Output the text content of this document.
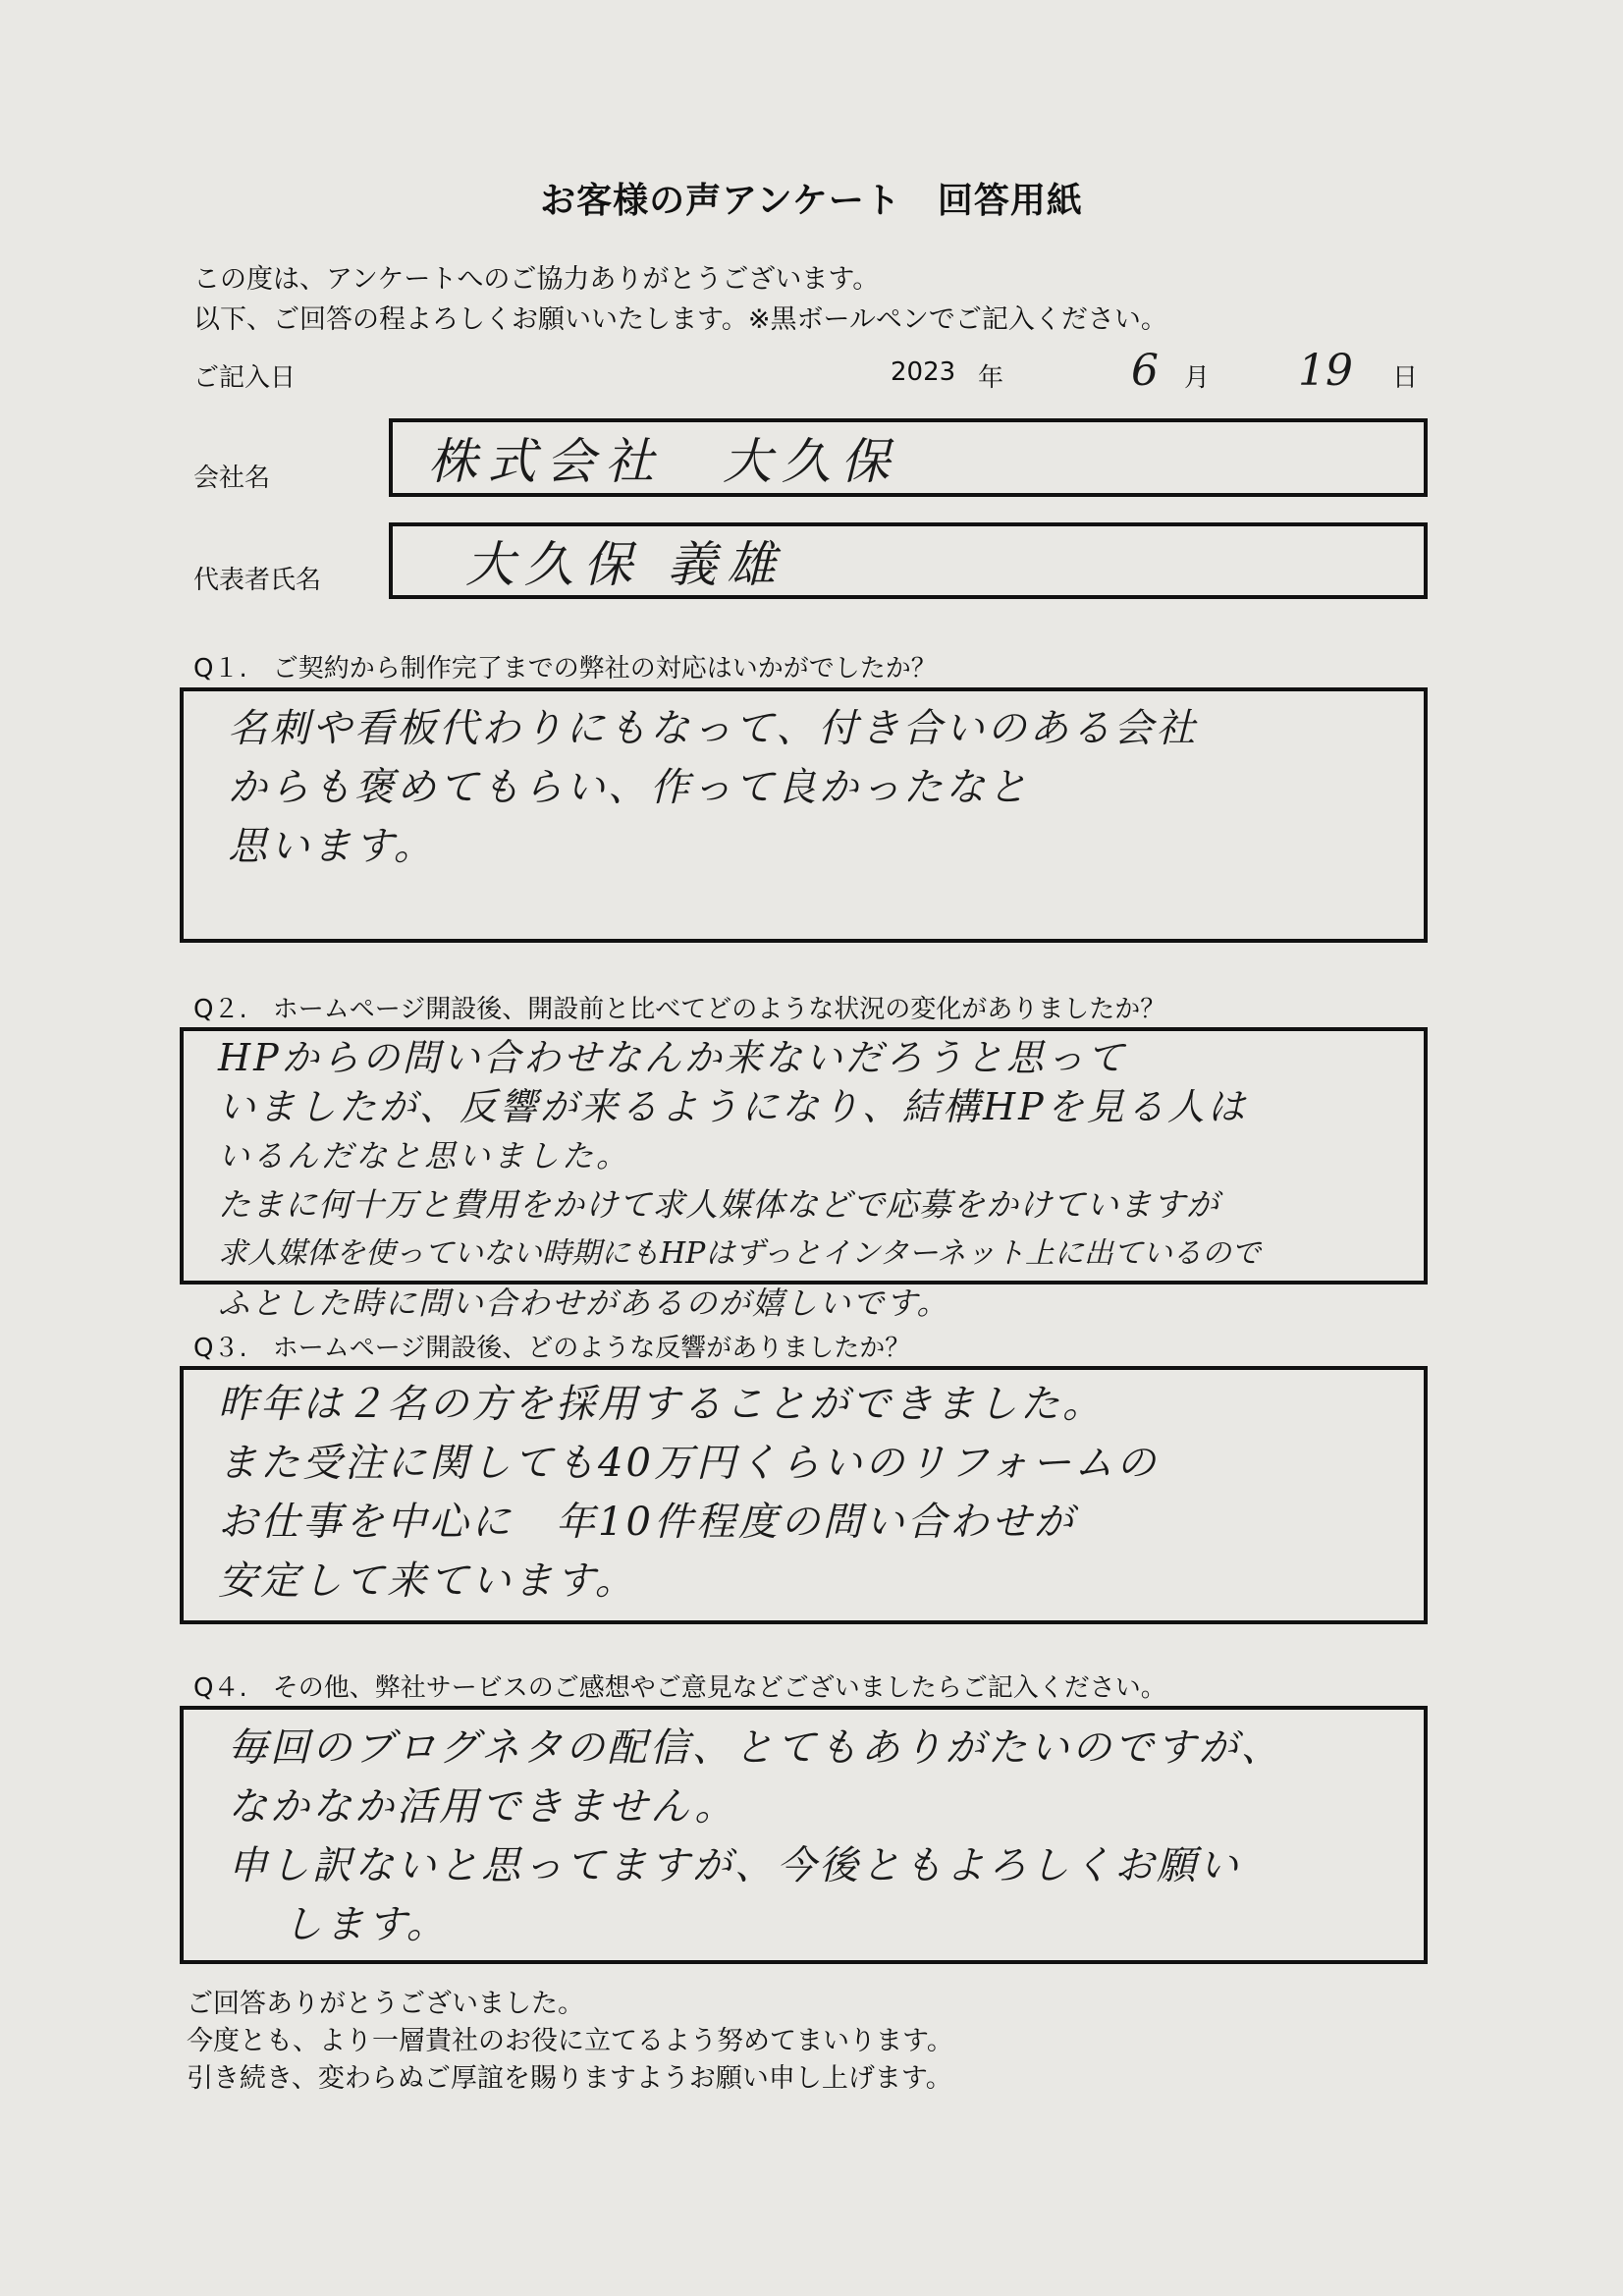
お客様の声アンケート　回答用紙
この度は、アンケートへのご協力ありがとうございます。
以下、ご回答の程よろしくお願いいたします。※黒ボールペンでご記入ください。
ご記入日	2023 年	6 月 19 日
会社名	株式会社　大久保
代表者氏名	大久保 義雄
Q１.　ご契約から制作完了までの弊社の対応はいかがでしたか？
名刺や看板代わりにもなって、付き合いのある会社
からも褒めてもらい、作って良かったなと
思います。
Q２.　ホームページ開設後、開設前と比べてどのような状況の変化がありましたか？
HPからの問い合わせなんか来ないだろうと思って
いましたが、反響が来るようになり、結構HPを見る人は
いるんだなと思いました。
たまに何十万と費用をかけて求人媒体などで応募をかけていますが
求人媒体を使っていない時期にもHPはずっとインターネット上に出ているので
ふとした時に問い合わせがあるのが嬉しいです。
Q３.　ホームページ開設後、どのような反響がありましたか？
昨年は２名の方を採用することができました。
また受注に関しても40万円くらいのリフォームの
お仕事を中心に　年10件程度の問い合わせが
安定して来ています。
Q４.　その他、弊社サービスのご感想やご意見などございましたらご記入ください。
毎回のブログネタの配信、とてもありがたいのですが、
なかなか活用できません。
申し訳ないと思ってますが、今後ともよろしくお願い
します。
ご回答ありがとうございました。
今度とも、より一層貴社のお役に立てるよう努めてまいります。
引き続き、変わらぬご厚誼を賜りますようお願い申し上げます。
